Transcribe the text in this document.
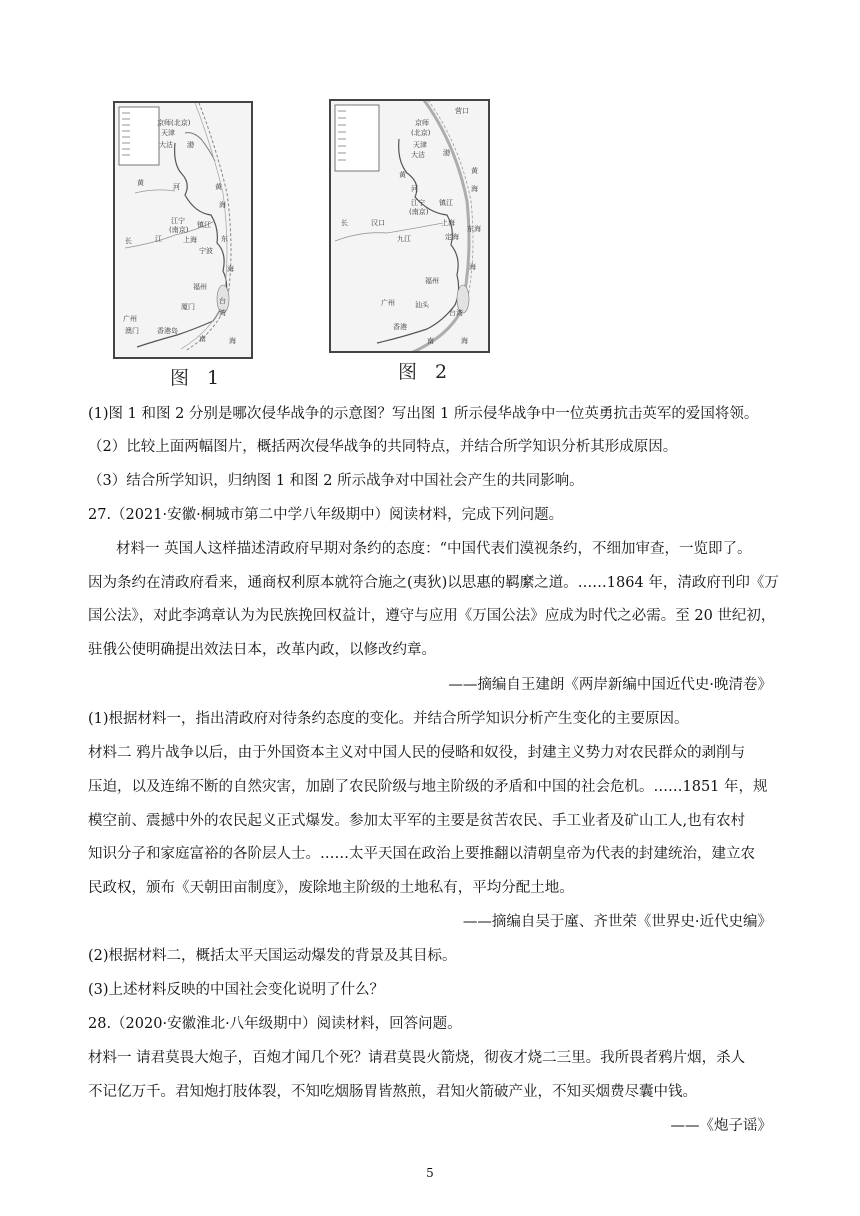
京师(北京)
天津
大沽 渤
黄	河	黄
海
江宁
(南京)
镇江
上海
长	江
宁波
东
海
福州
台
湾
厦门
广州
澳门	香港岛
南	海
图 1
营口
京师
(北京)
天津
大沽	渤
黄
河
黄
海
江宁
(南京)
镇江
长	汉口
九江
上海
定海
东海
福州
海
广州	汕头
台湾
香港
南	海
图 2
(1)图 1 和图 2 分别是哪次侵华战争的示意图？写出图 1 所示侵华战争中一位英勇抗击英军的爱国将领。
（2）比较上面两幅图片，概括两次侵华战争的共同特点，并结合所学知识分析其形成原因。
（3）结合所学知识，归纳图 1 和图 2 所示战争对中国社会产生的共同影响。
27.（2021·安徽·桐城市第二中学八年级期中）阅读材料，完成下列问题。
材料一 英国人这样描述清政府早期对条约的态度：“中国代表们漠视条约，不细加审查，一览即了。
因为条约在清政府看来，通商权利原本就符合施之(夷狄)以思惠的羁縻之道。……1864 年，清政府刊印《万
国公法》，对此李鸿章认为为民族挽回权益计，遵守与应用《万国公法》应成为时代之必需。至 20 世纪初，
驻俄公使明确提出效法日本，改革内政，以修改约章。
——摘编自王建朗《两岸新编中国近代史·晚清卷》
(1)根据材料一，指出清政府对待条约态度的变化。并结合所学知识分析产生变化的主要原因。
材料二 鸦片战争以后，由于外国资本主义对中国人民的侵略和奴役，封建主义势力对农民群众的剥削与
压迫，以及连绵不断的自然灾害，加剧了农民阶级与地主阶级的矛盾和中国的社会危机。……1851 年，规
模空前、震撼中外的农民起义正式爆发。参加太平军的主要是贫苦农民、手工业者及矿山工人,也有农村
知识分子和家庭富裕的各阶层人士。……太平天国在政治上要推翻以清朝皇帝为代表的封建统治，建立农
民政权，颁布《天朝田亩制度》，废除地主阶级的土地私有，平均分配土地。
——摘编自吴于廑、齐世荣《世界史·近代史编》
(2)根据材料二，概括太平天国运动爆发的背景及其目标。
(3)上述材料反映的中国社会变化说明了什么？
28.（2020·安徽淮北·八年级期中）阅读材料，回答问题。
材料一 请君莫畏大炮子，百炮才闻几个死？请君莫畏火箭烧，彻夜才烧二三里。我所畏者鸦片烟，杀人
不记亿万千。君知炮打肢体裂，不知吃烟肠胃皆熬煎，君知火箭破产业，不知买烟费尽囊中钱。
——《炮子谣》
5
